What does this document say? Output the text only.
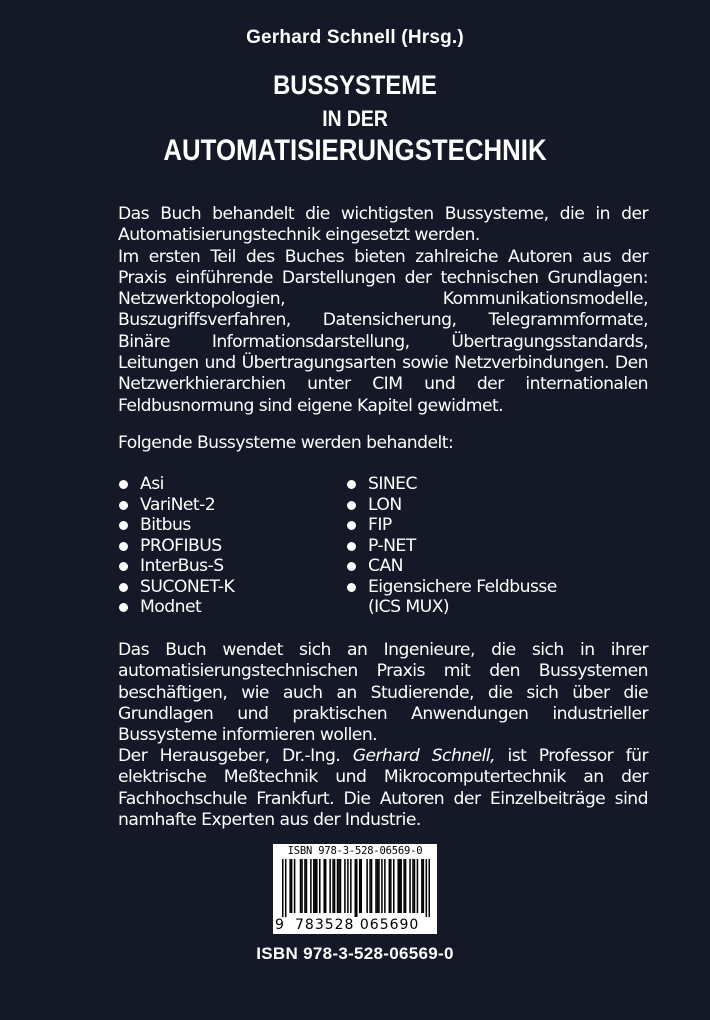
Gerhard Schnell (Hrsg.)
BUSSYSTEME
IN DER
AUTOMATISIERUNGSTECHNIK

Das Buch behandelt die wichtigsten Bussysteme, die in der Automatisierungstechnik eingesetzt werden.

Im ersten Teil des Buches bieten zahlreiche Autoren aus der Praxis einführende Darstellungen der technischen Grundlagen: Netzwerktopologien, Kommunikationsmodelle, Buszugriffsverfahren, Datensicherung, Telegrammformate, Binäre Informationsdarstellung, Übertragungsstandards, Leitungen und Übertragungsarten sowie Netzverbindungen. Den Netzwerkhierarchien unter CIM und der internationalen Feldbusnormung sind eigene Kapitel gewidmet.

Folgende Bussysteme werden behandelt:
Asi
VariNet-2
Bitbus
PROFIBUS
InterBus-S
SUCONET-K
Modnet
SINEC
LON
FIP
P-NET
CAN
Eigensichere Feldbusse
(ICS MUX)

Das Buch wendet sich an Ingenieure, die sich in ihrer automatisierungstechnischen Praxis mit den Bussystemen beschäftigen, wie auch an Studierende, die sich über die Grundlagen und praktischen Anwendungen industrieller Bussysteme informieren wollen.

Der Herausgeber, Dr.-Ing. Gerhard Schnell, ist Professor für elektrische Meßtechnik und Mikrocomputertechnik an der Fachhochschule Frankfurt. Die Autoren der Einzelbeiträge sind namhafte Experten aus der Industrie.

ISBN 978-3-528-06569-0
9 783528 065690
ISBN 978-3-528-06569-0
